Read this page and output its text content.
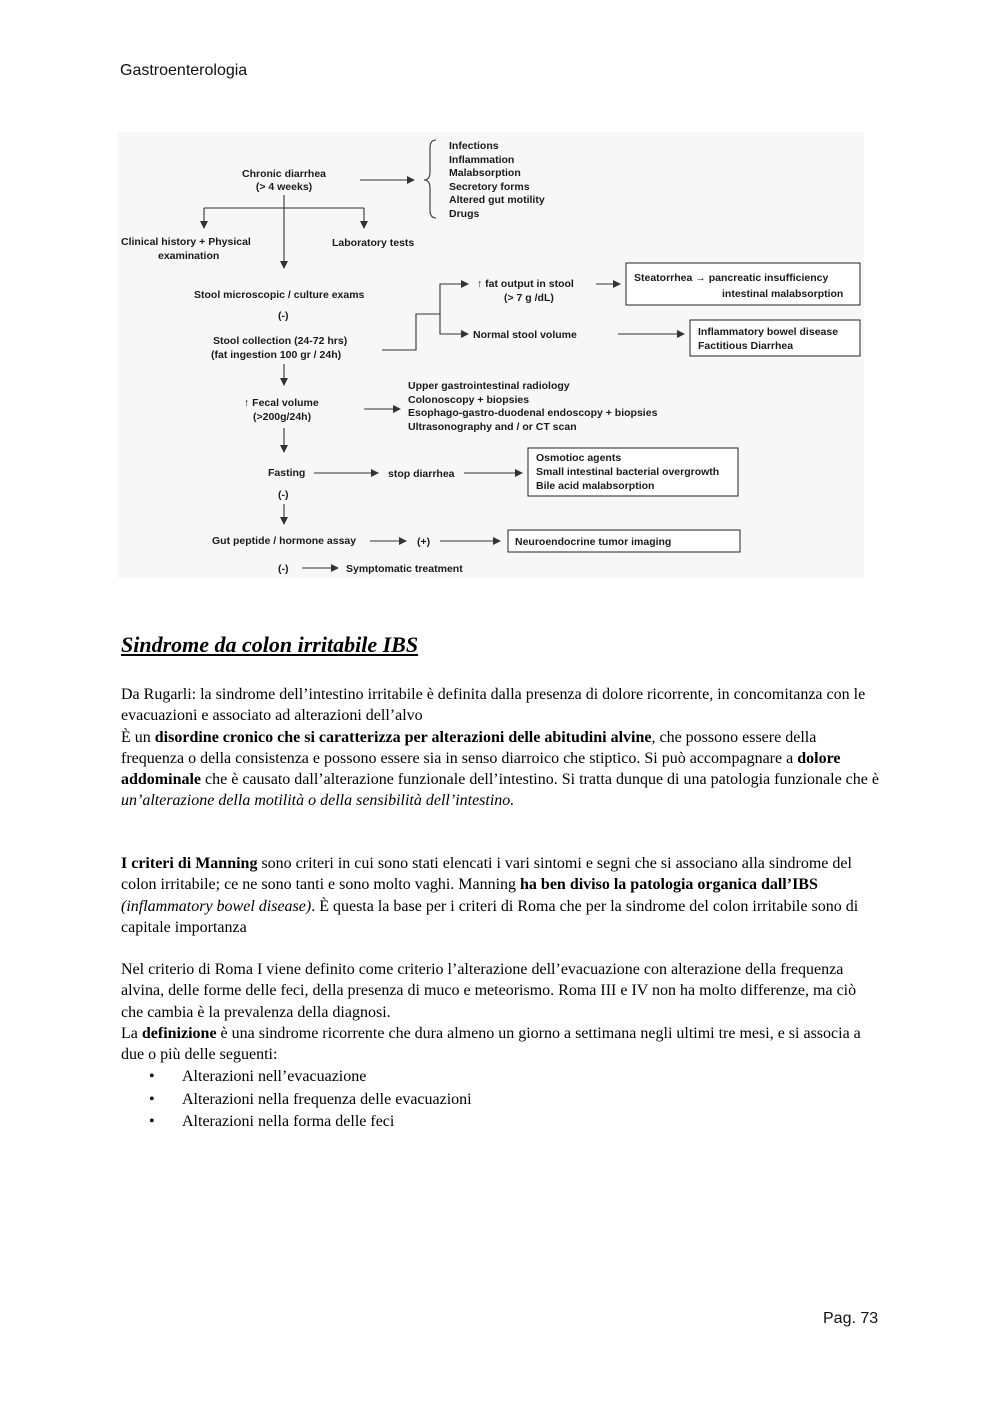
Gastroenterologia
Chronic diarrhea
(> 4 weeks)
Infections
Inflammation
Malabsorption
Secretory forms
Altered gut motility
Drugs
Clinical history + Physical
examination
Laboratory tests
Stool microscopic / culture exams
(-)
Stool collection (24-72 hrs)
(fat ingestion 100 gr / 24h)
↑ fat output in stool
(> 7 g /dL)
Steatorrhea → pancreatic insufficiency
intestinal malabsorption
Normal stool volume	Inflammatory bowel disease
Factitious Diarrhea
↑ Fecal volume
(>200g/24h)
Upper gastrointestinal radiology
Colonoscopy + biopsies
Esophago-gastro-duodenal endoscopy + biopsies
Ultrasonography and / or CT scan
Fasting	stop diarrhea
Osmotioc agents
Small intestinal bacterial overgrowth
Bile acid malabsorption
(-)
Gut peptide / hormone assay	(+)	Neuroendocrine tumor imaging
(-)	Symptomatic treatment
Sindrome da colon irritabile IBS

Da Rugarli: la sindrome dell’intestino irritabile è definita dalla presenza di dolore ricorrente, in concomitanza con le evacuazioni e associato ad alterazioni dell’alvo

È un disordine cronico che si caratterizza per alterazioni delle abitudini alvine, che possono essere della frequenza o della consistenza e possono essere sia in senso diarroico che stiptico. Si può accompagnare a dolore addominale che è causato dall’alterazione funzionale dell’intestino. Si tratta dunque di una patologia funzionale che è un’alterazione della motilità o della sensibilità dell’intestino.

I criteri di Manning sono criteri in cui sono stati elencati i vari sintomi e segni che si associano alla sindrome del colon irritabile; ce ne sono tanti e sono molto vaghi. Manning ha ben diviso la patologia organica dall’IBS (inflammatory bowel disease). È questa la base per i criteri di Roma che per la sindrome del colon irritabile sono di capitale importanza

Nel criterio di Roma I viene definito come criterio l’alterazione dell’evacuazione con alterazione della frequenza alvina, delle forme delle feci, della presenza di muco e meteorismo. Roma III e IV non ha molto differenze, ma ciò che cambia è la prevalenza della diagnosi.

La definizione è una sindrome ricorrente che dura almeno un giorno a settimana negli ultimi tre mesi, e si associa a due o più delle seguenti:

• Alterazioni nell’evacuazione
• Alterazioni nella frequenza delle evacuazioni
• Alterazioni nella forma delle feci
Pag. 73
